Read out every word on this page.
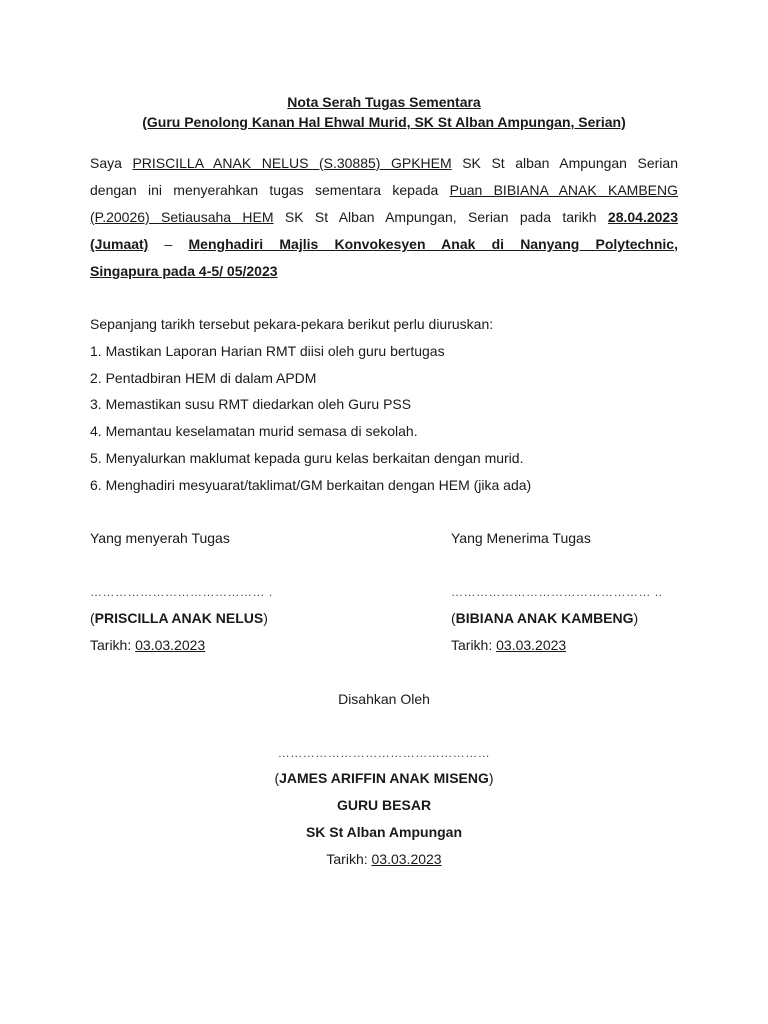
Nota Serah Tugas Sementara
(Guru Penolong Kanan Hal Ehwal Murid, SK St Alban Ampungan, Serian)
Saya PRISCILLA ANAK NELUS (S.30885) GPKHEM SK St alban Ampungan Serian
dengan ini menyerahkan tugas sementara kepada Puan BIBIANA ANAK KAMBENG
(P.20026) Setiausaha HEM SK St Alban Ampungan, Serian pada tarikh 28.04.2023
(Jumaat) – Menghadiri Majlis Konvokesyen Anak di Nanyang Polytechnic,
Singapura pada 4-5/ 05/2023
Sepanjang tarikh tersebut pekara-pekara berikut perlu diuruskan:
1. Mastikan Laporan Harian RMT diisi oleh guru bertugas
2. Pentadbiran HEM di dalam APDM
3. Memastikan susu RMT diedarkan oleh Guru PSS
4. Memantau keselamatan murid semasa di sekolah.
5. Menyalurkan maklumat kepada guru kelas berkaitan dengan murid.
6. Menghadiri mesyuarat/taklimat/GM berkaitan dengan HEM (jika ada)
Yang menyerah Tugas
…………………………………… .
(PRISCILLA ANAK NELUS)
Tarikh: 03.03.2023
Yang Menerima Tugas
………………………………………… ..
(BIBIANA ANAK KAMBENG)
Tarikh: 03.03.2023
Disahkan Oleh
……………………………………………
(JAMES ARIFFIN ANAK MISENG)
GURU BESAR
SK St Alban Ampungan
Tarikh: 03.03.2023
